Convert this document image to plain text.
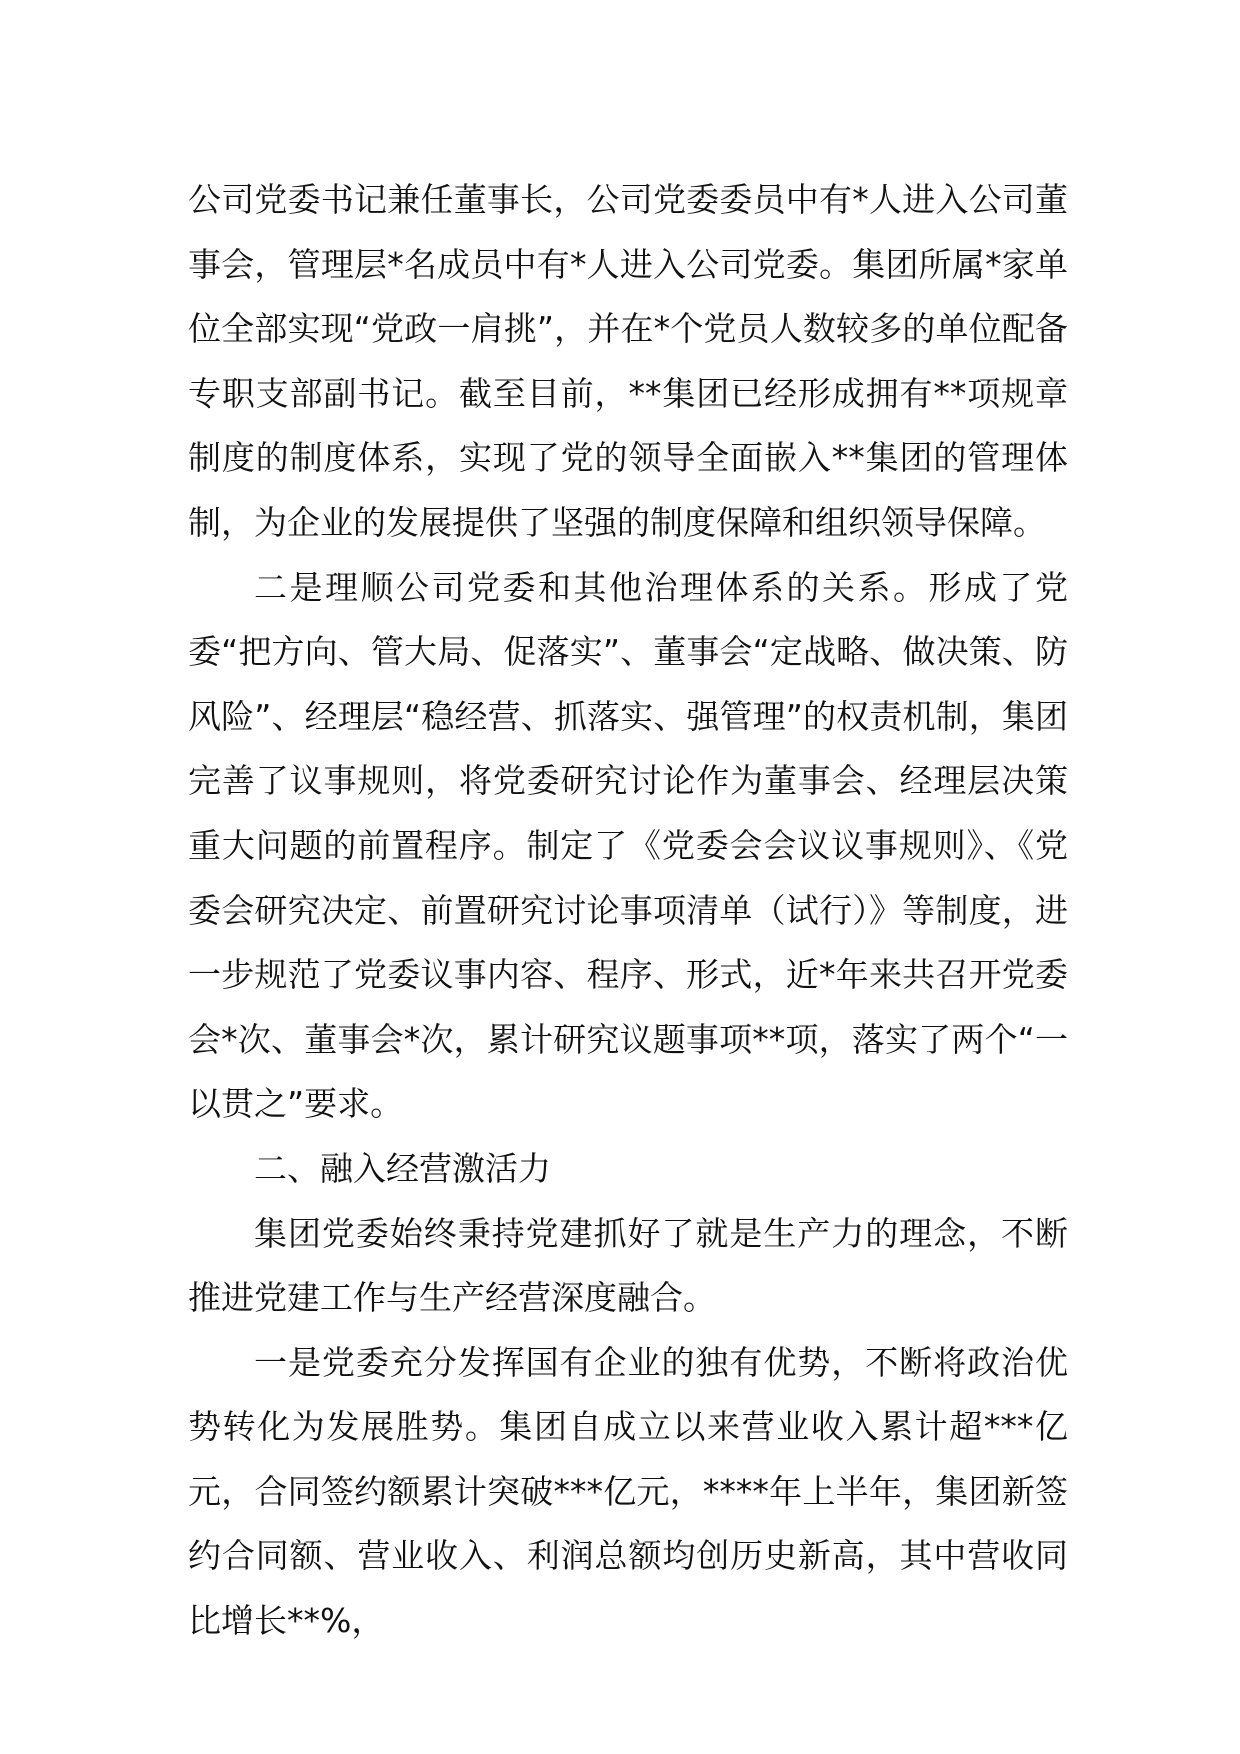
公司党委书记兼任董事长，公司党委委员中有*人进入公司董事会，管理层*名成员中有*人进入公司党委。集团所属*家单位全部实现“党政一肩挑”，并在*个党员人数较多的单位配备专职支部副书记。截至目前，**集团已经形成拥有**项规章制度的制度体系，实现了党的领导全面嵌入**集团的管理体制，为企业的发展提供了坚强的制度保障和组织领导保障。

二是理顺公司党委和其他治理体系的关系。形成了党委“把方向、管大局、促落实”、董事会“定战略、做决策、防风险”、经理层“稳经营、抓落实、强管理”的权责机制，集团完善了议事规则，将党委研究讨论作为董事会、经理层决策重大问题的前置程序。制定了《党委会会议议事规则》、《党委会研究决定、前置研究讨论事项清单（试行）》等制度，进一步规范了党委议事内容、程序、形式，近*年来共召开党委会*次、董事会*次，累计研究议题事项**项，落实了两个“一以贯之”要求。

二、融入经营激活力

集团党委始终秉持党建抓好了就是生产力的理念，不断推进党建工作与生产经营深度融合。

一是党委充分发挥国有企业的独有优势，不断将政治优势转化为发展胜势。集团自成立以来营业收入累计超***亿元，合同签约额累计突破***亿元，****年上半年，集团新签约合同额、营业收入、利润总额均创历史新高，其中营收同比增长**%，
